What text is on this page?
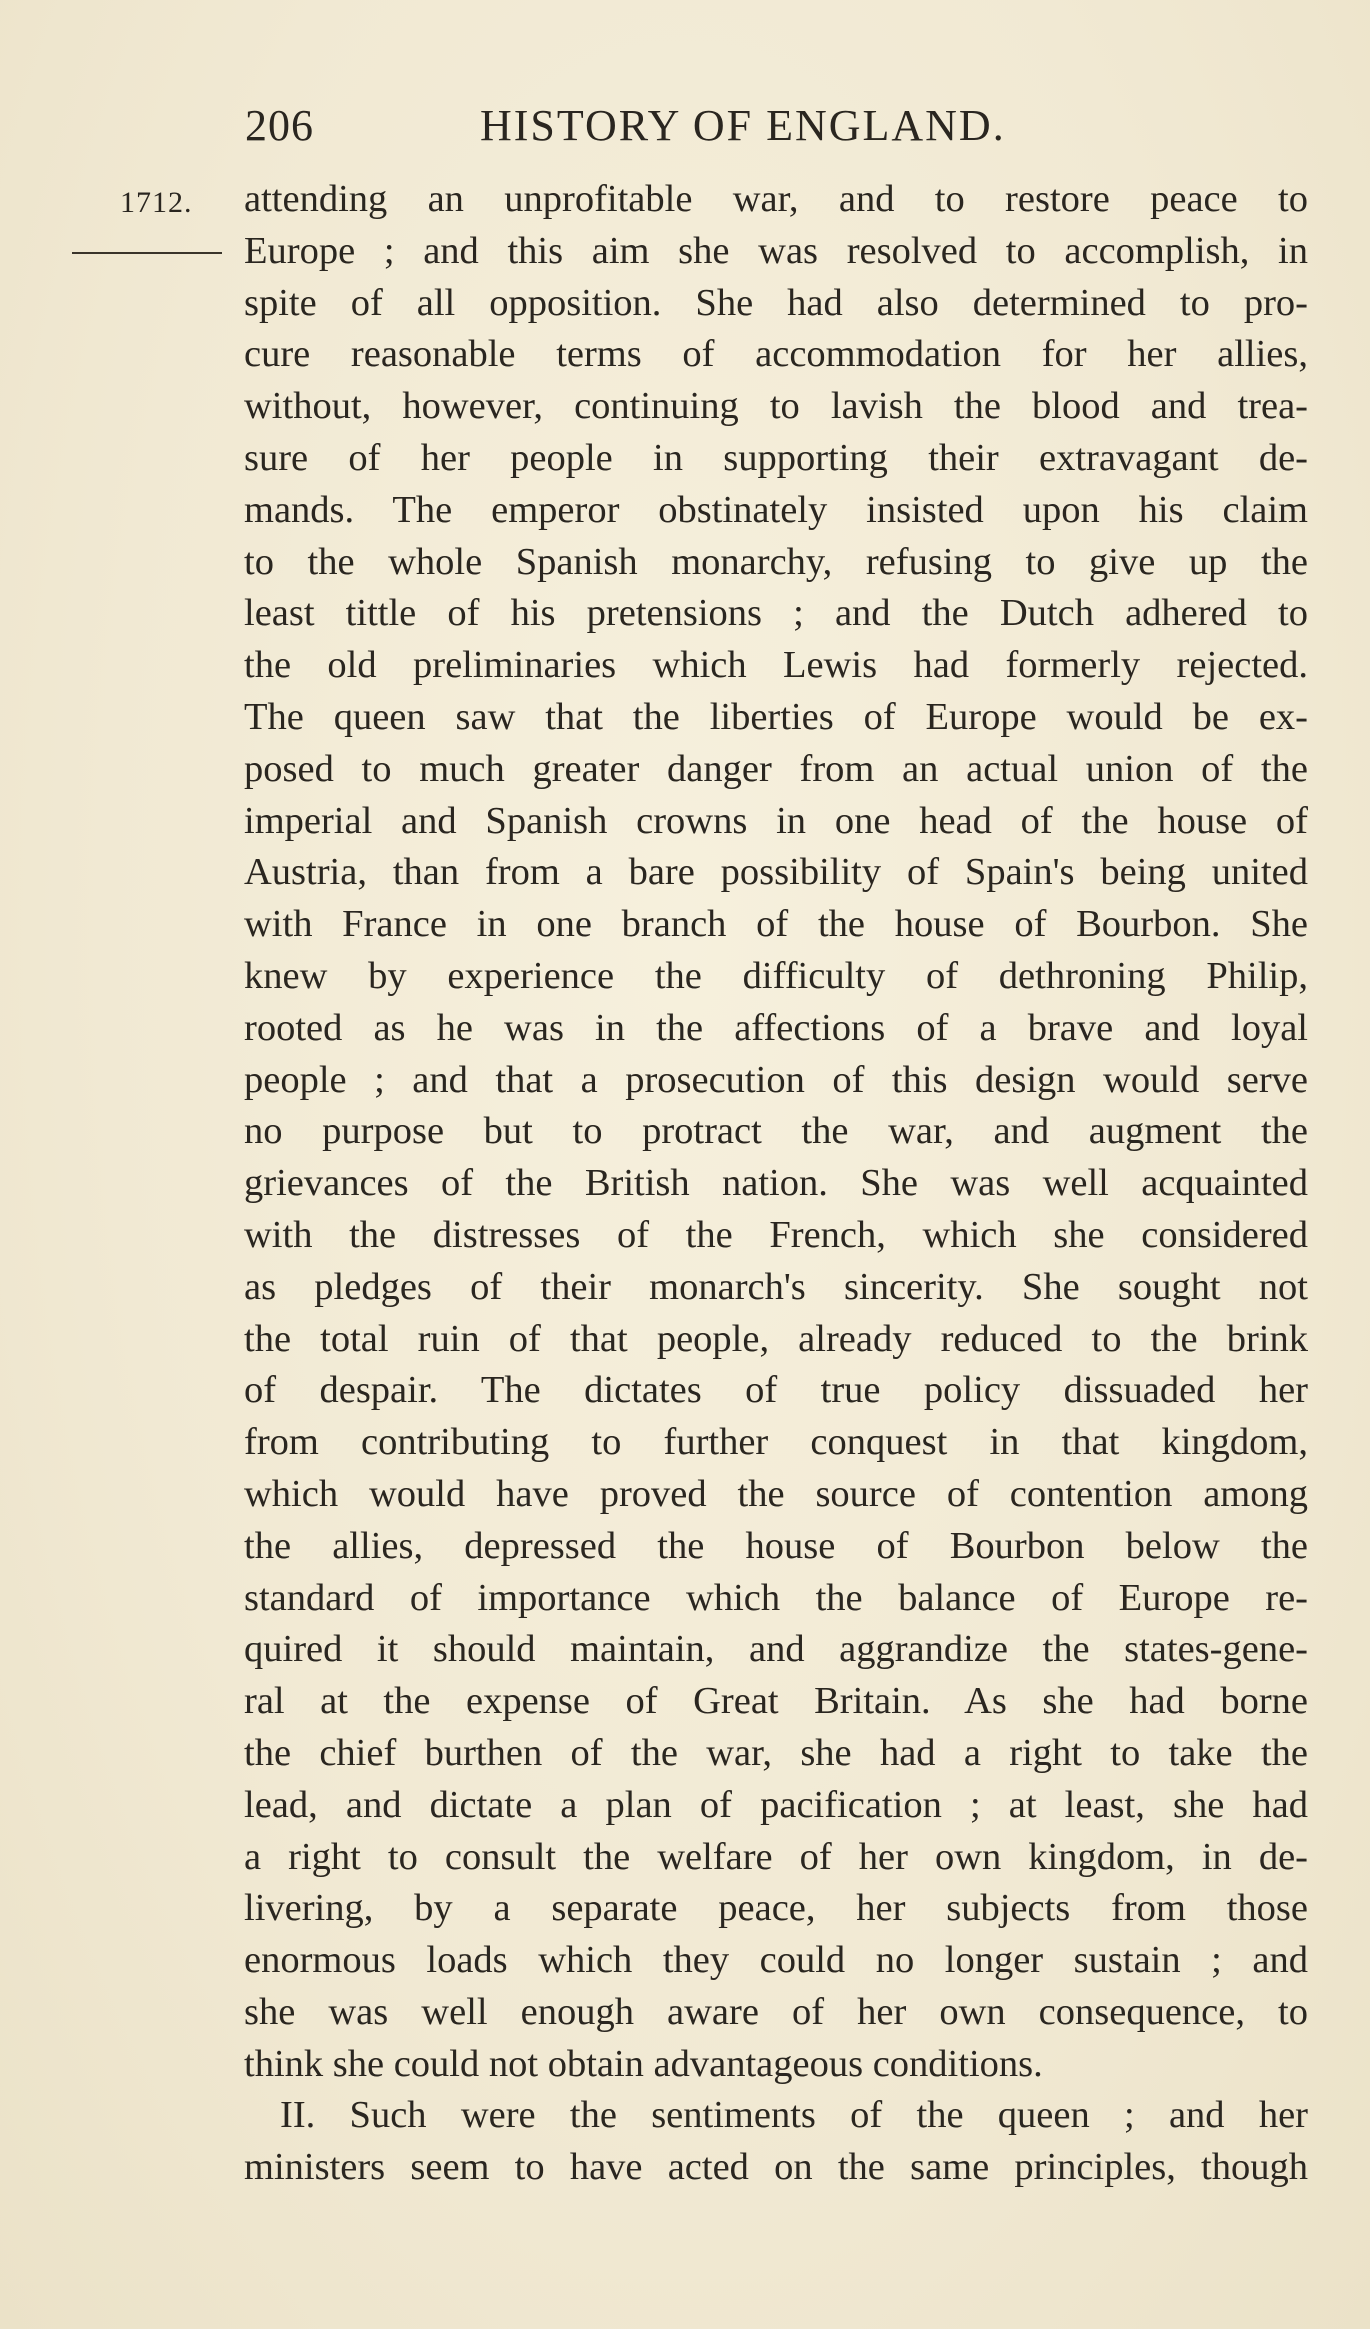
206	HISTORY OF ENGLAND.
1712. attending an unprofitable war, and to restore peace to
Europe ; and this aim she was resolved to accomplish, in
spite of all opposition. She had also determined to pro-
cure reasonable terms of accommodation for her allies,
without, however, continuing to lavish the blood and trea-
sure of her people in supporting their extravagant de-
mands. The emperor obstinately insisted upon his claim
to the whole Spanish monarchy, refusing to give up the
least tittle of his pretensions ; and the Dutch adhered to
the old preliminaries which Lewis had formerly rejected.
The queen saw that the liberties of Europe would be ex-
posed to much greater danger from an actual union of the
imperial and Spanish crowns in one head of the house of
Austria, than from a bare possibility of Spain's being united
with France in one branch of the house of Bourbon. She
knew by experience the difficulty of dethroning Philip,
rooted as he was in the affections of a brave and loyal
people ; and that a prosecution of this design would serve
no purpose but to protract the war, and augment the
grievances of the British nation. She was well acquainted
with the distresses of the French, which she considered
as pledges of their monarch's sincerity. She sought not
the total ruin of that people, already reduced to the brink
of despair. The dictates of true policy dissuaded her
from contributing to further conquest in that kingdom,
which would have proved the source of contention among
the allies, depressed the house of Bourbon below the
standard of importance which the balance of Europe re-
quired it should maintain, and aggrandize the states-gene-
ral at the expense of Great Britain. As she had borne
the chief burthen of the war, she had a right to take the
lead, and dictate a plan of pacification ; at least, she had
a right to consult the welfare of her own kingdom, in de-
livering, by a separate peace, her subjects from those
enormous loads which they could no longer sustain ; and
she was well enough aware of her own consequence, to
think she could not obtain advantageous conditions.
II. Such were the sentiments of the queen ; and her
ministers seem to have acted on the same principles, though
